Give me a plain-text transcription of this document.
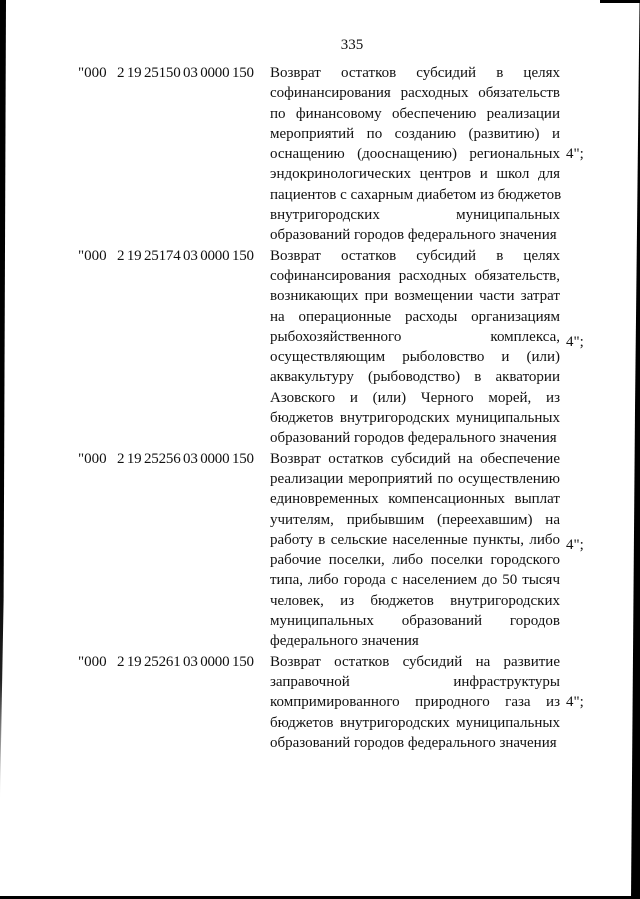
335
"000 2 19 25150 03 0000 150 Возврат остатков субсидий в целях
софинансирования расходных обязательств
по финансовому обеспечению реализации
мероприятий по созданию (развитию) и
оснащению (дооснащению) региональных
эндокринологических центров и школ для
пациентов с сахарным диабетом из бюджетов
внутригородских муниципальных
образований городов федерального значения
4";
"000 2 19 25174 03 0000 150 Возврат остатков субсидий в целях
софинансирования расходных обязательств,
возникающих при возмещении части затрат
на операционные расходы организациям
рыбохозяйственного комплекса,
осуществляющим рыболовство и (или)
аквакультуру (рыбоводство) в акватории
Азовского и (или) Черного морей, из
бюджетов внутригородских муниципальных
образований городов федерального значения
4";
"000 2 19 25256 03 0000 150 Возврат остатков субсидий на обеспечение
реализации мероприятий по осуществлению
единовременных компенсационных выплат
учителям, прибывшим (переехавшим) на
работу в сельские населенные пункты, либо
рабочие поселки, либо поселки городского
типа, либо города с населением до 50 тысяч
человек, из бюджетов внутригородских
муниципальных образований городов
федерального значения
4";
"000 2 19 25261 03 0000 150 Возврат остатков субсидий на развитие
заправочной инфраструктуры
компримированного природного газа из
бюджетов внутригородских муниципальных
образований городов федерального значения
4";
